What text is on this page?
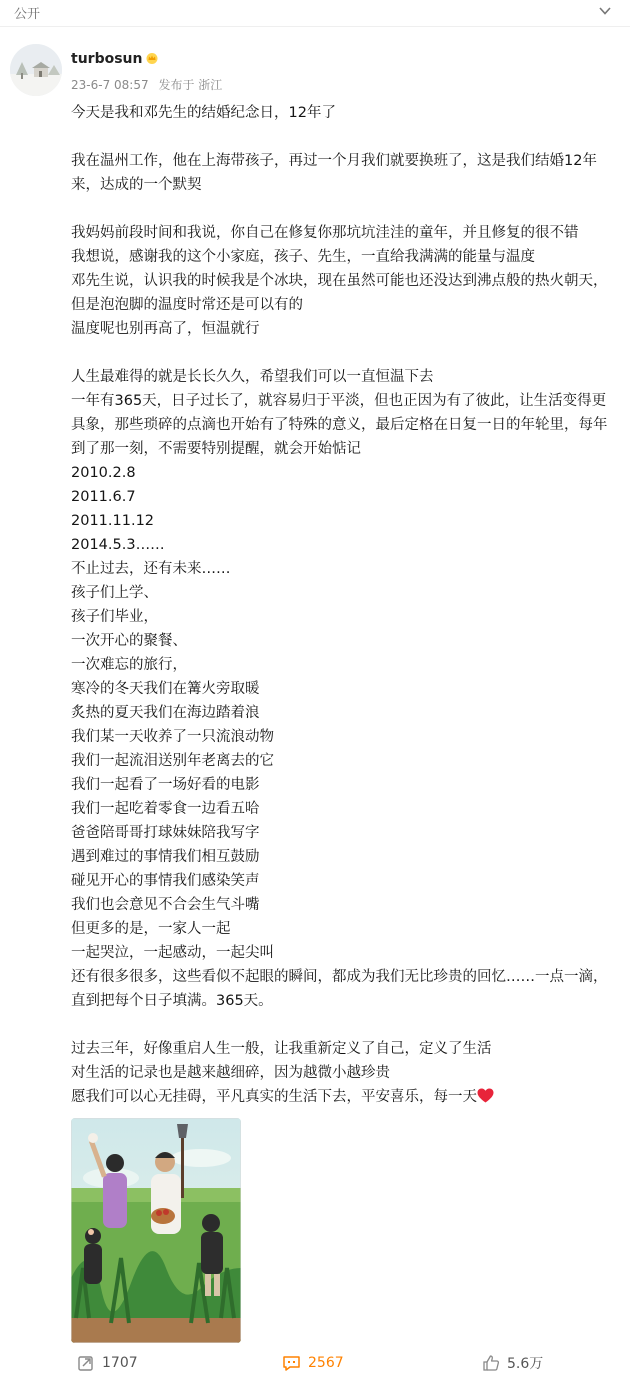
公开
turbosun
23-6-7 08:57 发布于 浙江

今天是我和邓先生的结婚纪念日，12年了

我在温州工作，他在上海带孩子，再过一个月我们就要换班了，这是我们结婚12年来，达成的一个默契

我妈妈前段时间和我说，你自己在修复你那坑坑洼洼的童年，并且修复的很不错

我想说，感谢我的这个小家庭，孩子、先生，一直给我满满的能量与温度

邓先生说，认识我的时候我是个冰块，现在虽然可能也还没达到沸点般的热火朝天，但是泡泡脚的温度时常还是可以有的

温度呢也别再高了，恒温就行

人生最难得的就是长长久久，希望我们可以一直恒温下去

一年有365天，日子过长了，就容易归于平淡，但也正因为有了彼此，让生活变得更具象，那些琐碎的点滴也开始有了特殊的意义，最后定格在日复一日的年轮里，每年到了那一刻，不需要特别提醒，就会开始惦记

2010.2.8

2011.6.7

2011.11.12

2014.5.3……

不止过去，还有未来……

孩子们上学、

孩子们毕业，

一次开心的聚餐、

一次难忘的旅行，

寒冷的冬天我们在篝火旁取暖

炙热的夏天我们在海边踏着浪

我们某一天收养了一只流浪动物

我们一起流泪送别年老离去的它

我们一起看了一场好看的电影

我们一起吃着零食一边看五哈

爸爸陪哥哥打球妹妹陪我写字

遇到难过的事情我们相互鼓励

碰见开心的事情我们感染笑声

我们也会意见不合会生气斗嘴

但更多的是，一家人一起

一起哭泣，一起感动，一起尖叫

还有很多很多，这些看似不起眼的瞬间，都成为我们无比珍贵的回忆……一点一滴，直到把每个日子填满。365天。

过去三年，好像重启人生一般，让我重新定义了自己，定义了生活

对生活的记录也是越来越细碎，因为越微小越珍贵

愿我们可以心无挂碍，平凡真实的生活下去，平安喜乐，每一天

1707	2567	5.6万
